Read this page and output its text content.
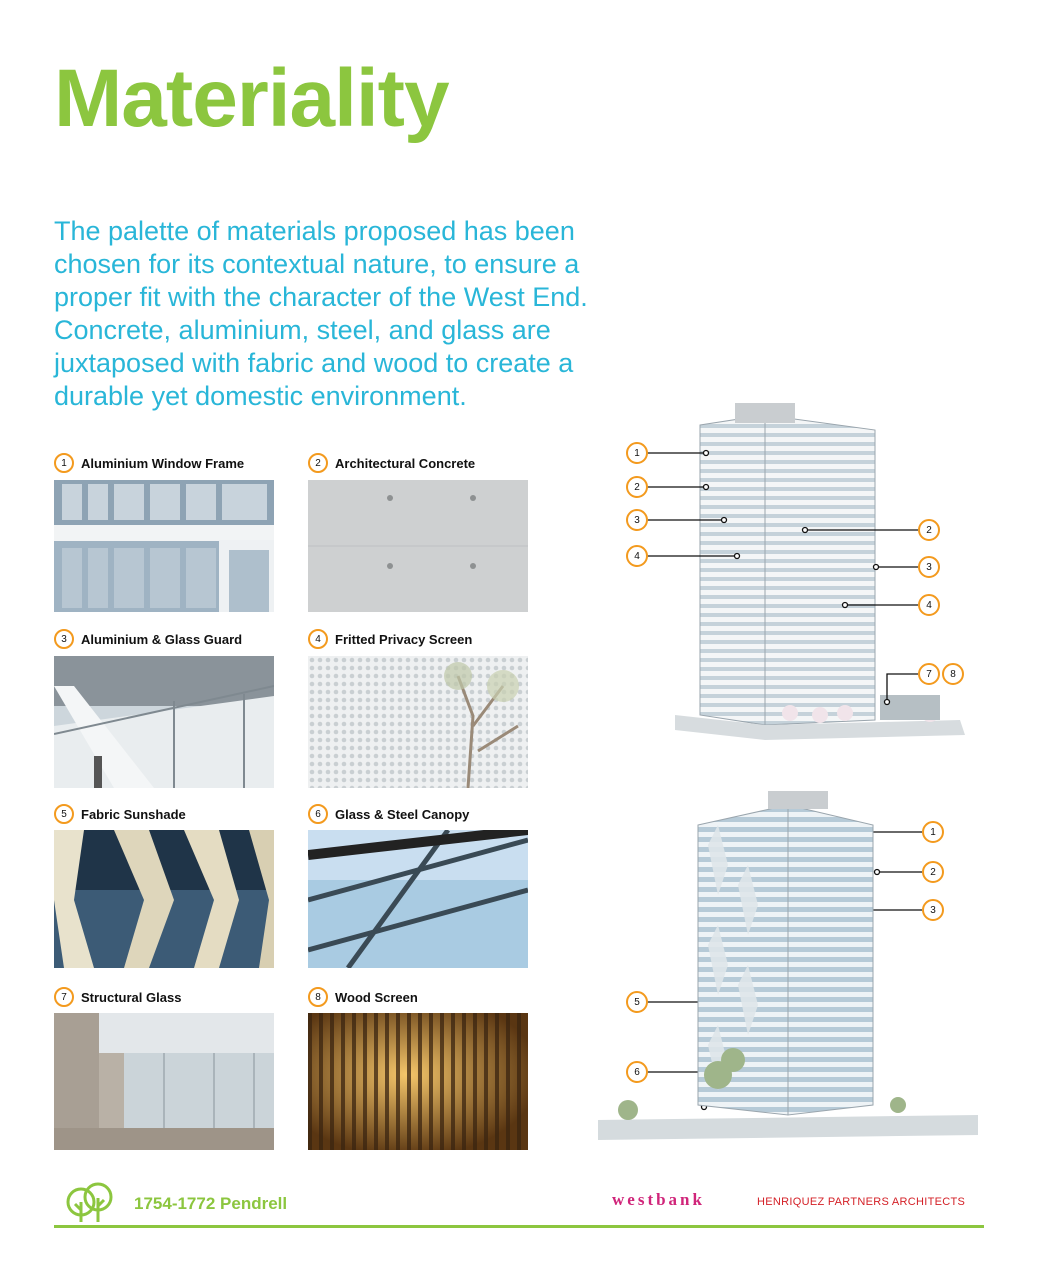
Materiality

The palette of materials proposed has been chosen for its contextual nature, to ensure a proper fit with the character of the West End. Concrete, aluminium, steel, and glass are juxtaposed with fabric and wood to create a durable yet domestic environment.

1	Aluminium Window Frame	2	Architectural Concrete
3	Aluminium & Glass Guard	4	Fritted Privacy Screen
5	Fabric Sunshade	6	Glass & Steel Canopy
7	Structural Glass	8	Wood Screen
1
2
3
4
2
3
4
7	8
1
2
3
5
6
1754-1772 Pendrell	westbank	HENRIQUEZ PARTNERS ARCHITECTS
